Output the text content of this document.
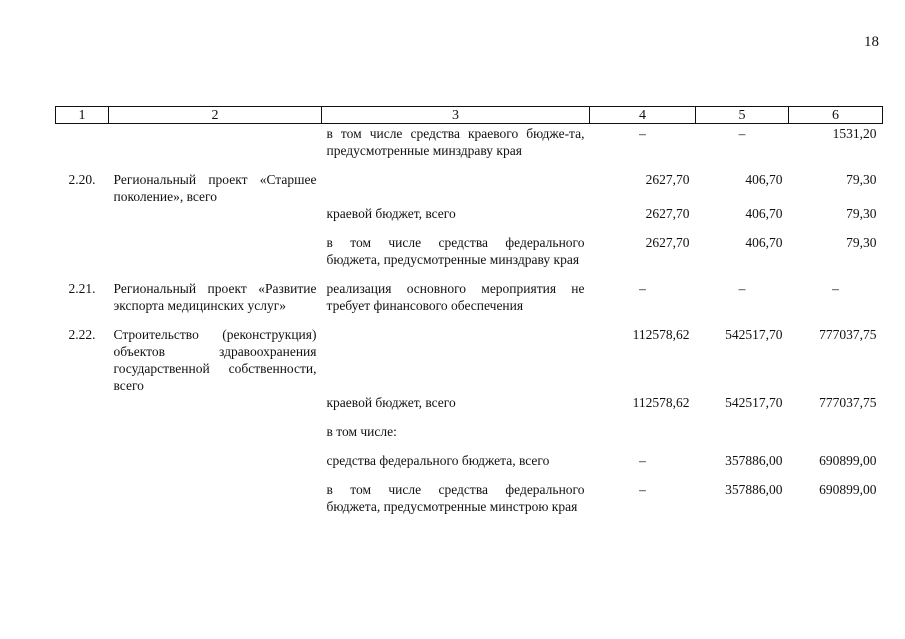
18
1	2	3	4	5	6
		в том числе средства краевого бюдже-та, предусмотренные минздраву края	–	–	1531,20
2.20.	Региональный проект «Старшее поколение», всего		2627,70	406,70	79,30
		краевой бюджет, всего	2627,70	406,70	79,30
		в том числе средства федерального бюджета, предусмотренные минздраву края	2627,70	406,70	79,30
2.21.	Региональный проект «Развитие экспорта медицинских услуг»	реализация основного мероприятия не требует финансового обеспечения	–	–	–
2.22.	Строительство (реконструкция) объектов здравоохранения государственной собственности, всего		112578,62	542517,70	777037,75
		краевой бюджет, всего	112578,62	542517,70	777037,75
		в том числе:			
		средства федерального бюджета, всего	–	357886,00	690899,00
		в том числе средства федерального бюджета, предусмотренные минстрою края	–	357886,00	690899,00
